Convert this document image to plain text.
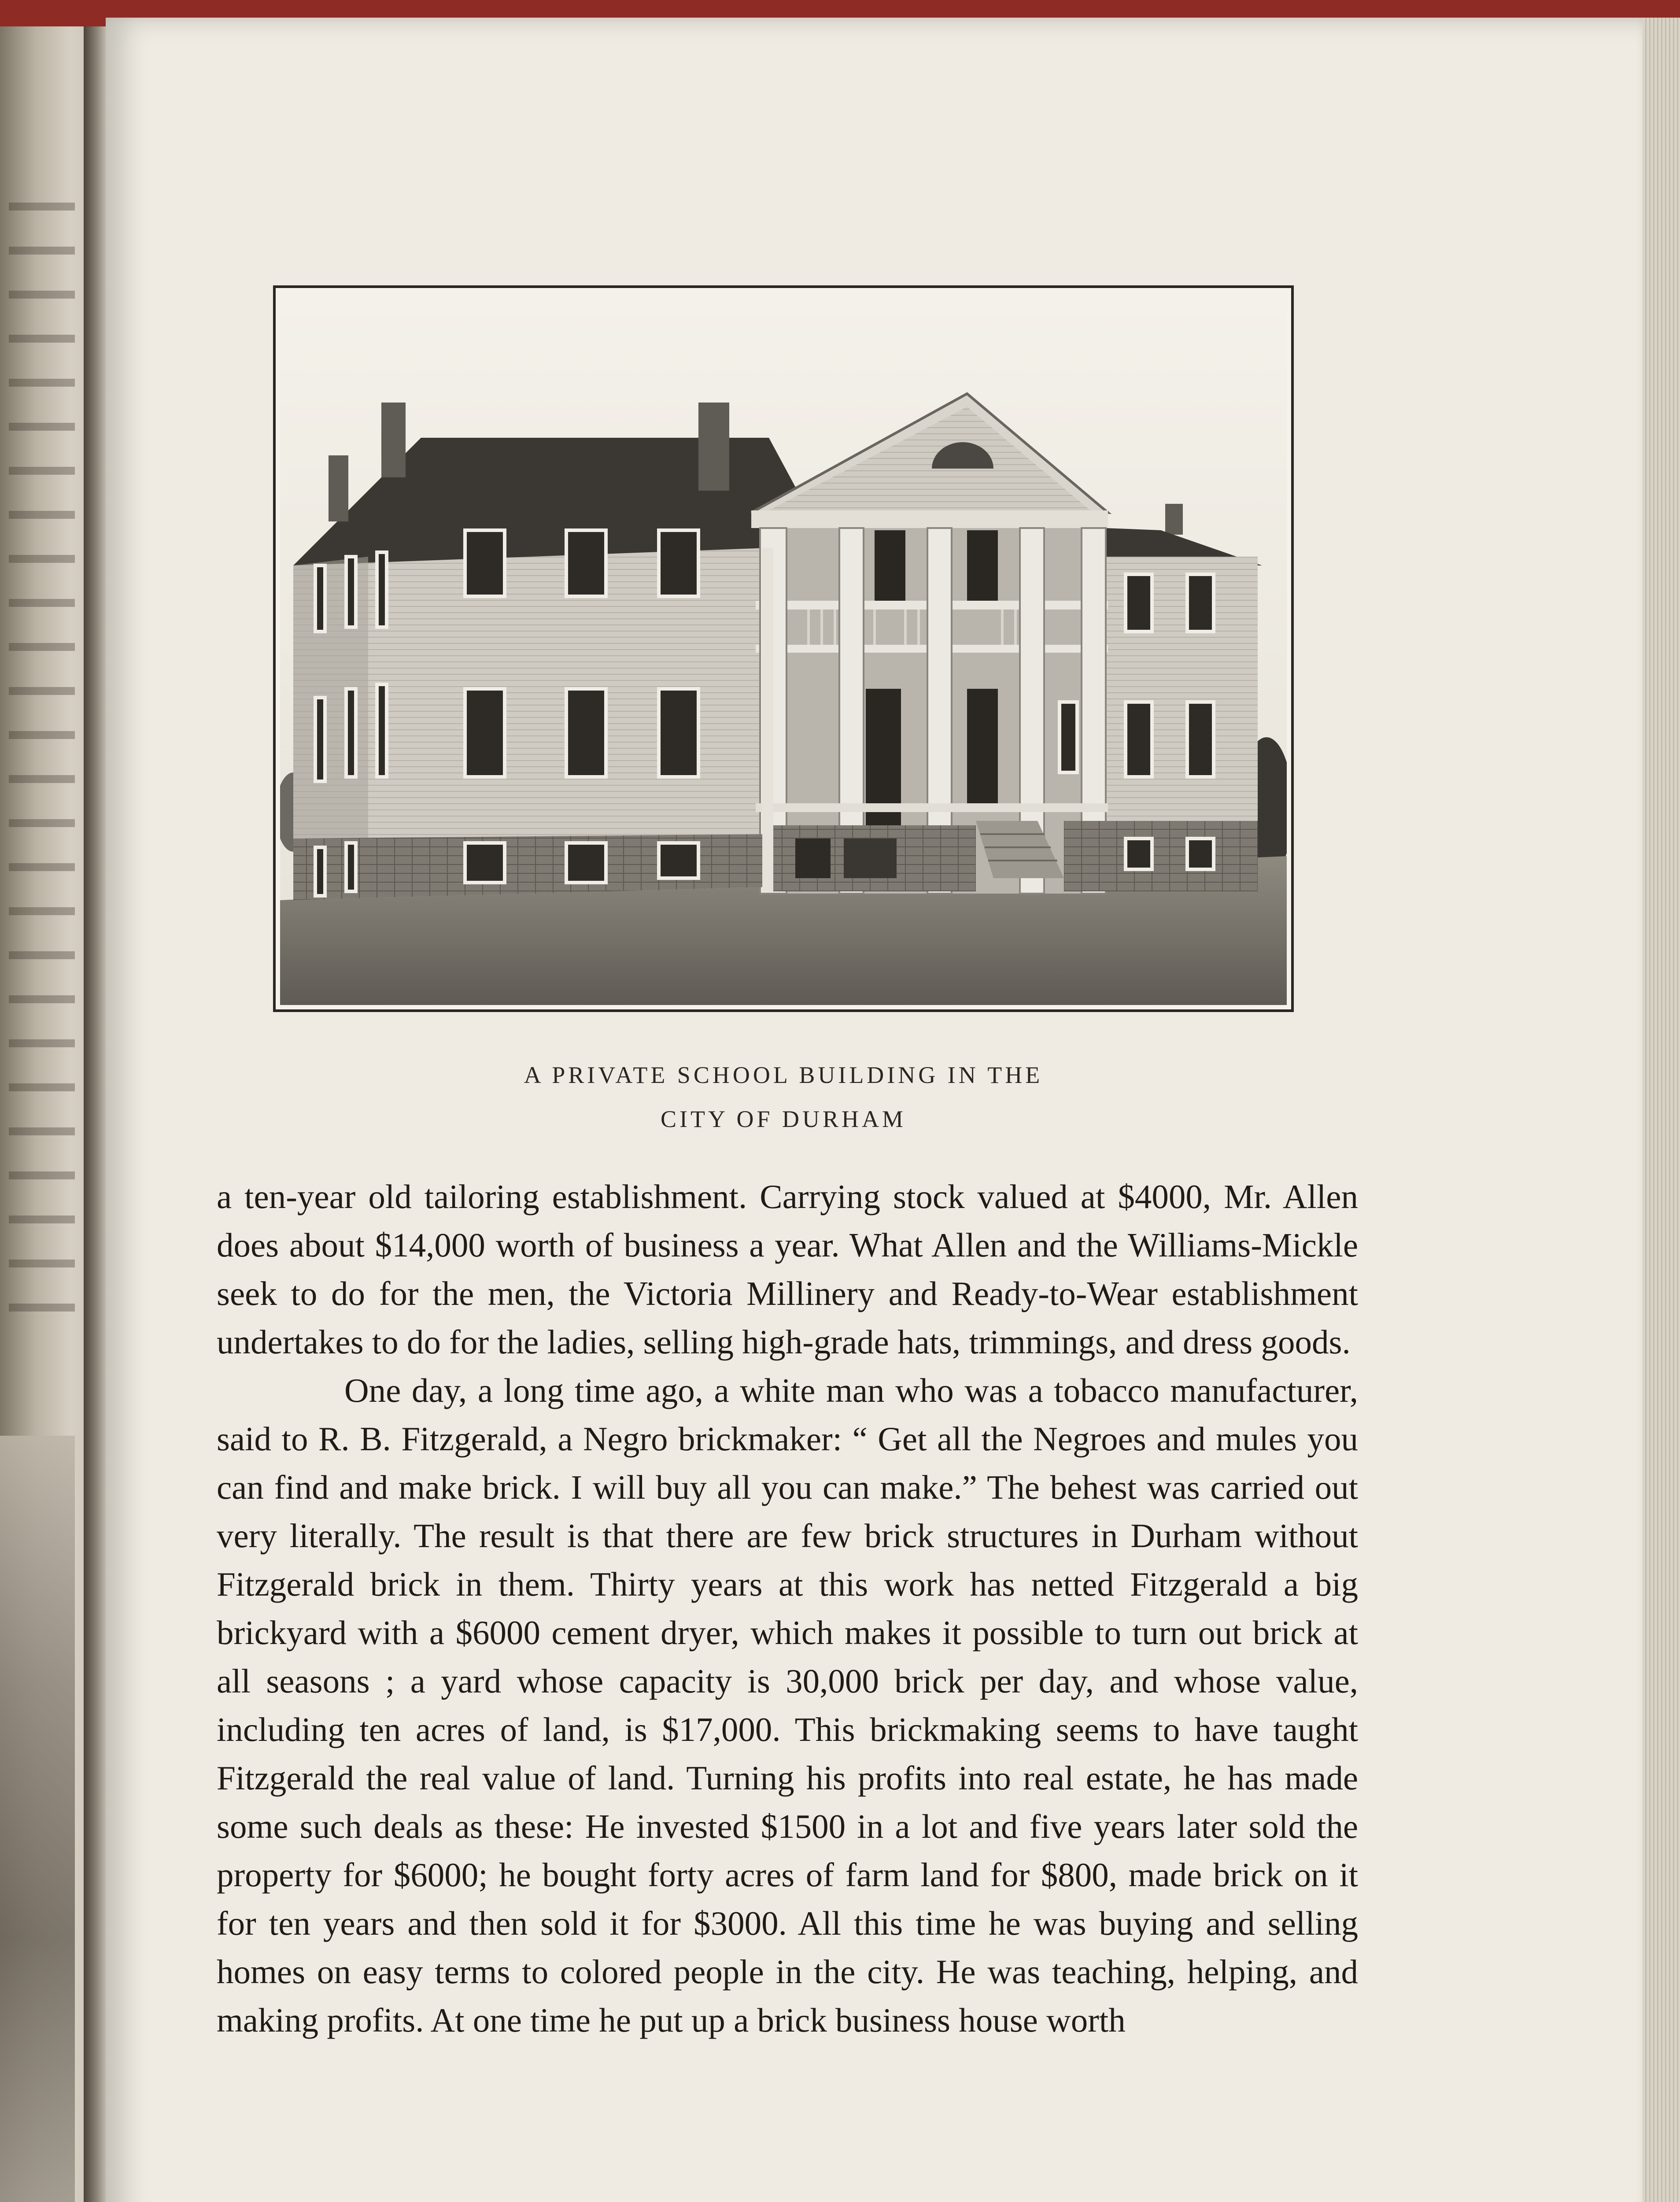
A PRIVATE SCHOOL BUILDING IN THE
CITY OF DURHAM

a ten-year old tailoring establishment. Carrying stock valued at $4000, Mr. Allen does about $14,000 worth of business a year. What Allen and the Williams-Mickle seek to do for the men, the Victoria Millinery and Ready-to-Wear establishment undertakes to do for the ladies, selling high-grade hats, trimmings, and dress goods.

One day, a long time ago, a white man who was a tobacco manufacturer, said to R. B. Fitzgerald, a Negro brickmaker: “ Get all the Negroes and mules you can find and make brick. I will buy all you can make.” The behest was carried out very literally. The result is that there are few brick structures in Durham without Fitzgerald brick in them. Thirty years at this work has netted Fitzgerald a big brickyard with a $6000 cement dryer, which makes it possible to turn out brick at all seasons ; a yard whose capacity is 30,000 brick per day, and whose value, including ten acres of land, is $17,000. This brickmaking seems to have taught Fitzgerald the real value of land. Turning his profits into real estate, he has made some such deals as these: He invested $1500 in a lot and five years later sold the property for $6000; he bought forty acres of farm land for $800, made brick on it for ten years and then sold it for $3000. All this time he was buying and selling homes on easy terms to colored people in the city. He was teaching, helping, and making profits. At one time he put up a brick business house worth
